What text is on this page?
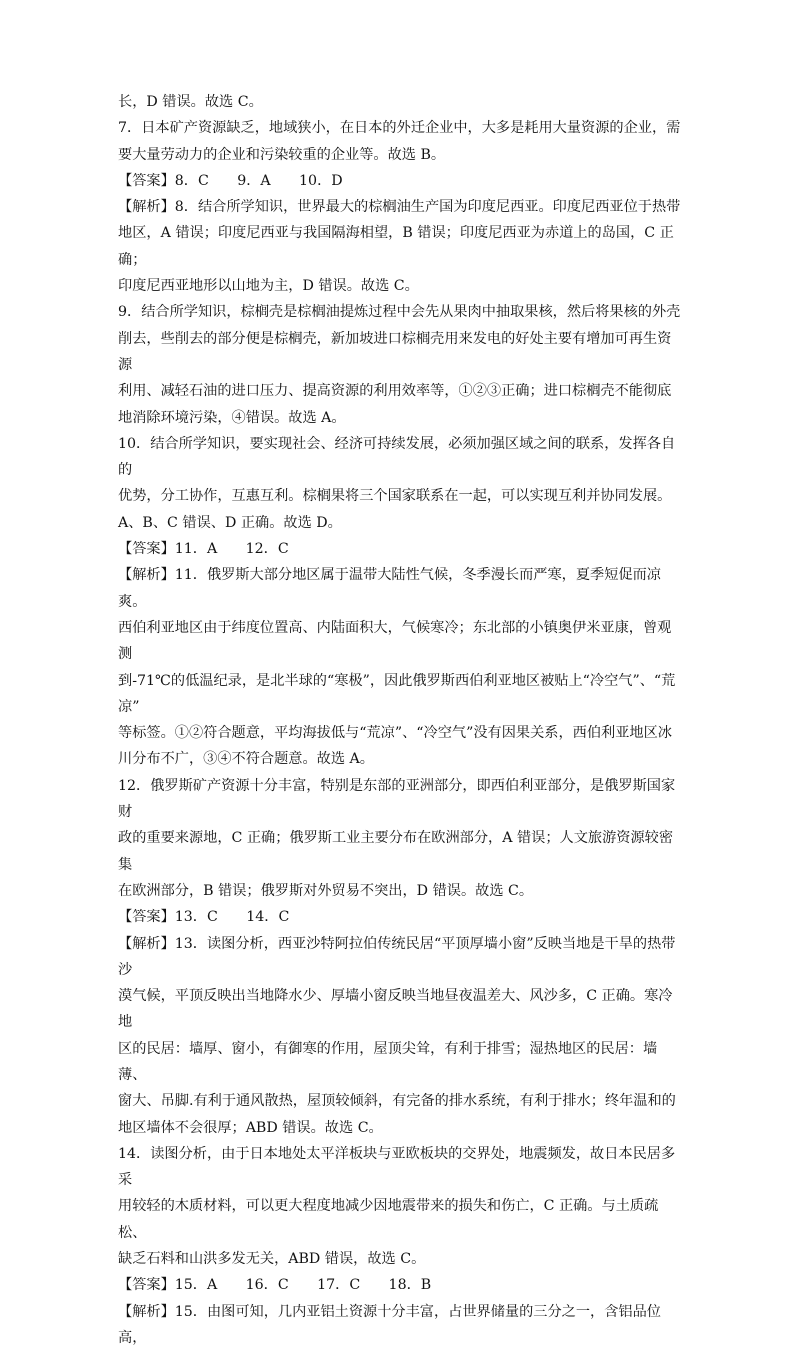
长，D 错误。故选 C。

7．日本矿产资源缺乏，地域狭小，在日本的外迁企业中，大多是耗用大量资源的企业，需

要大量劳动力的企业和污染较重的企业等。故选 B。

【答案】8．C　　9．A　　10．D

【解析】8．结合所学知识，世界最大的棕榈油生产国为印度尼西亚。印度尼西亚位于热带

地区，A 错误；印度尼西亚与我国隔海相望，B 错误；印度尼西亚为赤道上的岛国，C 正确；

印度尼西亚地形以山地为主，D 错误。故选 C。

9．结合所学知识，棕榈壳是棕榈油提炼过程中会先从果肉中抽取果核，然后将果核的外壳

削去，些削去的部分便是棕榈壳，新加坡进口棕榈壳用来发电的好处主要有增加可再生资源

利用、减轻石油的进口压力、提高资源的利用效率等，①②③正确；进口棕榈壳不能彻底

地消除环境污染，④错误。故选 A。

10．结合所学知识，要实现社会、经济可持续发展，必须加强区域之间的联系，发挥各自的

优势，分工协作，互惠互利。棕榈果将三个国家联系在一起，可以实现互利并协同发展。

A、B、C 错误、D 正确。故选 D。

【答案】11．A　　12．C

【解析】11．俄罗斯大部分地区属于温带大陆性气候，冬季漫长而严寒，夏季短促而凉爽。

西伯利亚地区由于纬度位置高、内陆面积大，气候寒冷；东北部的小镇奥伊米亚康，曾观测

到-71℃的低温纪录，是北半球的“寒极”，因此俄罗斯西伯利亚地区被贴上“冷空气”、“荒凉”

等标签。①②符合题意，平均海拔低与“荒凉”、“冷空气”没有因果关系，西伯利亚地区冰

川分布不广，③④不符合题意。故选 A。

12．俄罗斯矿产资源十分丰富，特别是东部的亚洲部分，即西伯利亚部分，是俄罗斯国家财

政的重要来源地，C 正确；俄罗斯工业主要分布在欧洲部分，A 错误；人文旅游资源较密集

在欧洲部分，B 错误；俄罗斯对外贸易不突出，D 错误。故选 C。

【答案】13．C　　14．C

【解析】13．读图分析，西亚沙特阿拉伯传统民居“平顶厚墙小窗”反映当地是干旱的热带沙

漠气候，平顶反映出当地降水少、厚墙小窗反映当地昼夜温差大、风沙多，C 正确。寒冷地

区的民居：墙厚、窗小，有御寒的作用，屋顶尖耸，有利于排雪；湿热地区的民居：墙薄、

窗大、吊脚.有利于通风散热，屋顶较倾斜，有完备的排水系统，有利于排水；终年温和的

地区墙体不会很厚；ABD 错误。故选 C。

14．读图分析，由于日本地处太平洋板块与亚欧板块的交界处，地震频发，故日本民居多采

用较轻的木质材料，可以更大程度地减少因地震带来的损失和伤亡，C 正确。与土质疏松、

缺乏石料和山洪多发无关，ABD 错误，故选 C。

【答案】15．A　　16．C　　17．C　　18．B

【解析】15．由图可知，几内亚铝土资源十分丰富，占世界储量的三分之一，含铝品位高，
